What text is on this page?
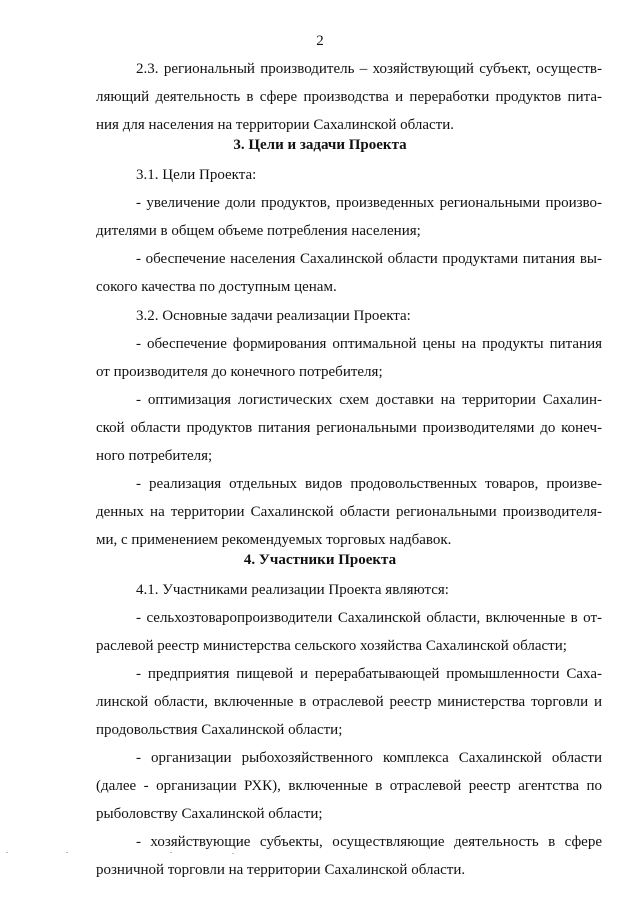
2
2.3. региональный производитель – хозяйствующий субъект, осуществ-
ляющий деятельность в сфере производства и переработки продуктов пита-
ния для населения на территории Сахалинской области.
3. Цели и задачи Проекта
3.1. Цели Проекта:
- увеличение доли продуктов, произведенных региональными произво-
дителями в общем объеме потребления населения;
- обеспечение населения Сахалинской области продуктами питания вы-
сокого качества по доступным ценам.
3.2. Основные задачи реализации Проекта:
- обеспечение формирования оптимальной цены на продукты питания
от производителя до конечного потребителя;
- оптимизация логистических схем доставки на территории Сахалин-
ской области продуктов питания региональными производителями до конеч-
ного потребителя;
- реализация отдельных видов продовольственных товаров, произве-
денных на территории Сахалинской области региональными производителя-
ми, с применением рекомендуемых торговых надбавок.
4. Участники Проекта
4.1. Участниками реализации Проекта являются:
- сельхозтоваропроизводители Сахалинской области, включенные в от-
раслевой реестр министерства сельского хозяйства Сахалинской области;
- предприятия пищевой и перерабатывающей промышленности Саха-
линской области, включенные в отраслевой реестр министерства торговли и
продовольствия Сахалинской области;
- организации рыбохозяйственного комплекса Сахалинской области
(далее - организации РХК), включенные в отраслевой реестр агентства по
рыболовству Сахалинской области;
- хозяйствующие субъекты, осуществляющие деятельность в сфере
розничной торговли на территории Сахалинской области.
